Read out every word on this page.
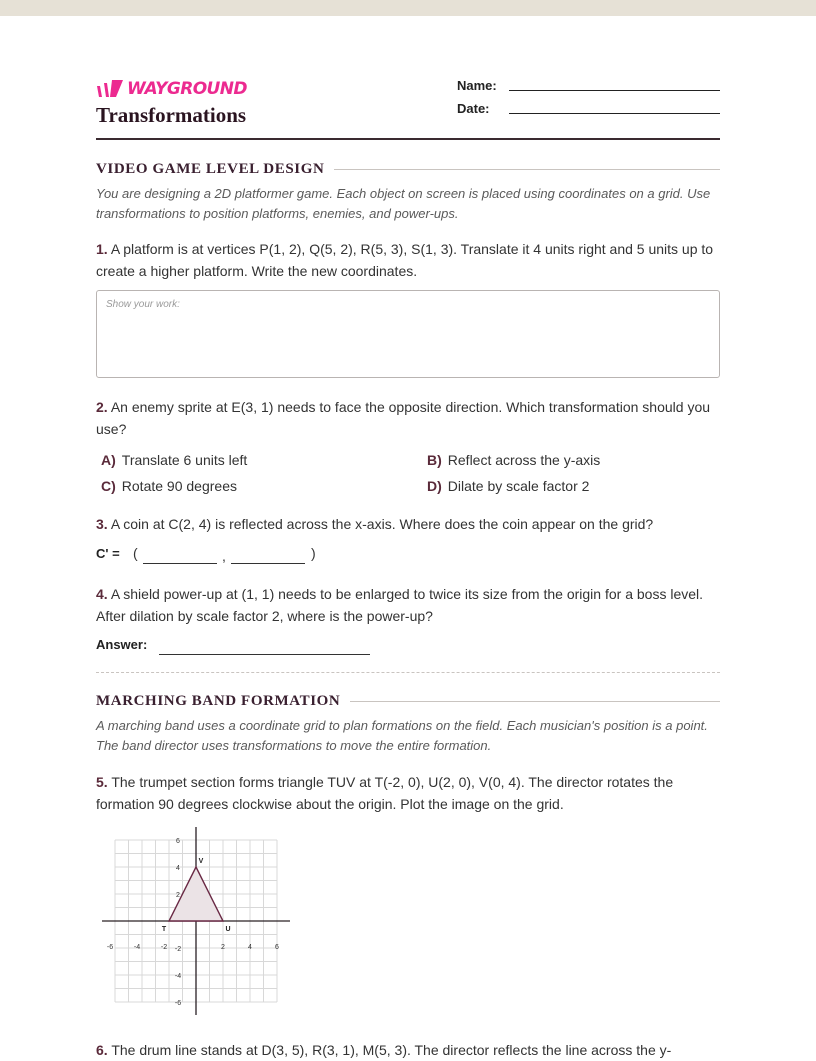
WAYGROUND
Transformations
Name:
Date:
VIDEO GAME LEVEL DESIGN
You are designing a 2D platformer game. Each object on screen is placed using coordinates on a grid. Use transformations to position platforms, enemies, and power-ups.
1. A platform is at vertices P(1, 2), Q(5, 2), R(5, 3), S(1, 3). Translate it 4 units right and 5 units up to create a higher platform. Write the new coordinates.
Show your work:
2. An enemy sprite at E(3, 1) needs to face the opposite direction. Which transformation should you use?
A) Translate 6 units left	B) Reflect across the y-axis
C) Rotate 90 degrees	D) Dilate by scale factor 2
3. A coin at C(2, 4) is reflected across the x-axis. Where does the coin appear on the grid?
C' = (	,	)
4. A shield power-up at (1, 1) needs to be enlarged to twice its size from the origin for a boss level. After dilation by scale factor 2, where is the power-up?
Answer:
MARCHING BAND FORMATION
A marching band uses a coordinate grid to plan formations on the field. Each musician's position is a point. The band director uses transformations to move the entire formation.
5. The trumpet section forms triangle TUV at T(-2, 0), U(2, 0), V(0, 4). The director rotates the formation 90 degrees clockwise about the origin. Plot the image on the grid.
-6	-4	-2	2	4	6
6
4
2
-2
-4
-6
T	U
V
6. The drum line stands at D(3, 5), R(3, 1), M(5, 3). The director reflects the line across the y-
